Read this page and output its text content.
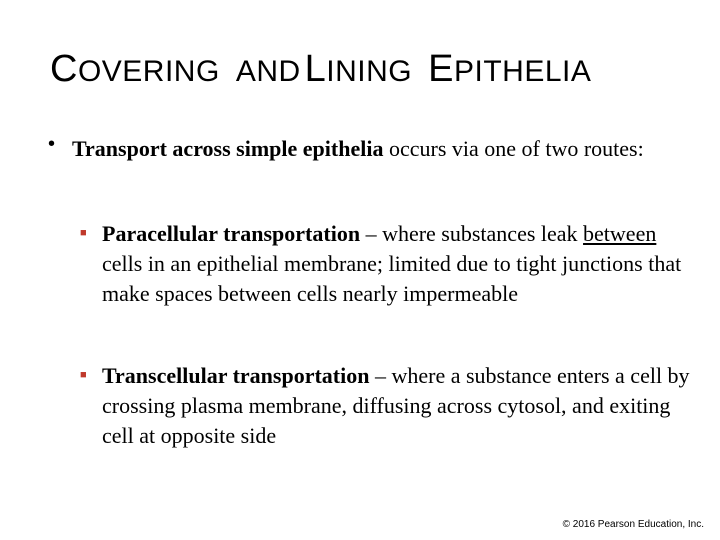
COVERING AND LINING EPITHELIA
• Transport across simple epithelia occurs via one of two routes:
■ Paracellular transportation – where substances leak between cells in an epithelial membrane; limited due to tight junctions that make spaces between cells nearly impermeable
■ Transcellular transportation – where a substance enters a cell by crossing plasma membrane, diffusing across cytosol, and exiting cell at opposite side
© 2016 Pearson Education, Inc.
